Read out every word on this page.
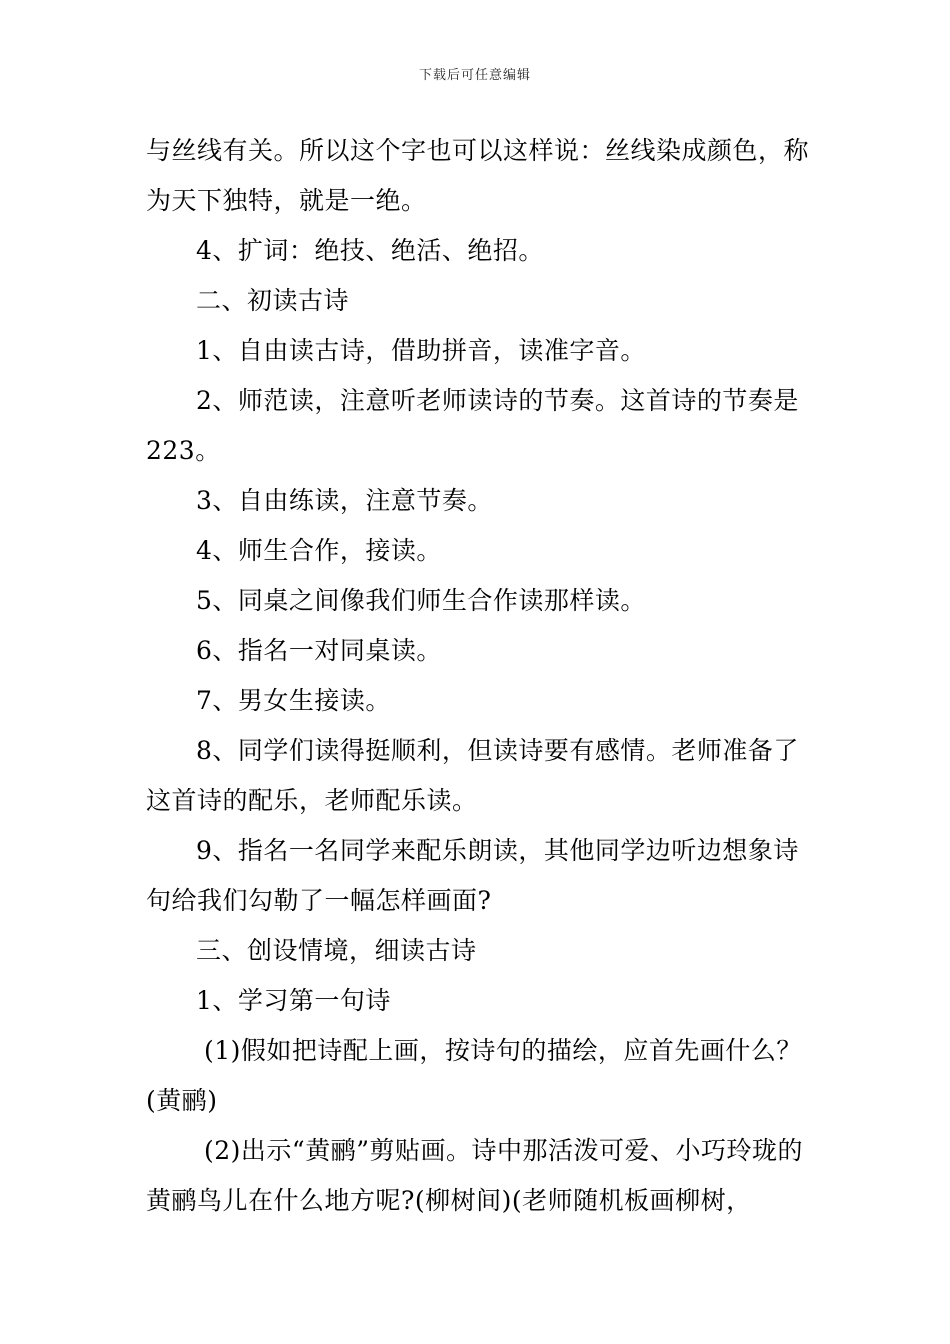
下载后可任意编辑

与丝线有关。所以这个字也可以这样说：丝线染成颜色，称为天下独特，就是一绝。

4、扩词：绝技、绝活、绝招。

二、初读古诗

1、自由读古诗，借助拼音，读准字音。

2、师范读，注意听老师读诗的节奏。这首诗的节奏是223。

3、自由练读，注意节奏。

4、师生合作，接读。

5、同桌之间像我们师生合作读那样读。

6、指名一对同桌读。

7、男女生接读。

8、同学们读得挺顺利，但读诗要有感情。老师准备了这首诗的配乐，老师配乐读。

9、指名一名同学来配乐朗读，其他同学边听边想象诗句给我们勾勒了一幅怎样画面?

三、创设情境，细读古诗

1、学习第一句诗

(1)假如把诗配上画，按诗句的描绘，应首先画什么？(黄鹂)

(2)出示“黄鹂”剪贴画。诗中那活泼可爱、小巧玲珑的黄鹂鸟儿在什么地方呢?(柳树间)(老师随机板画柳树，
